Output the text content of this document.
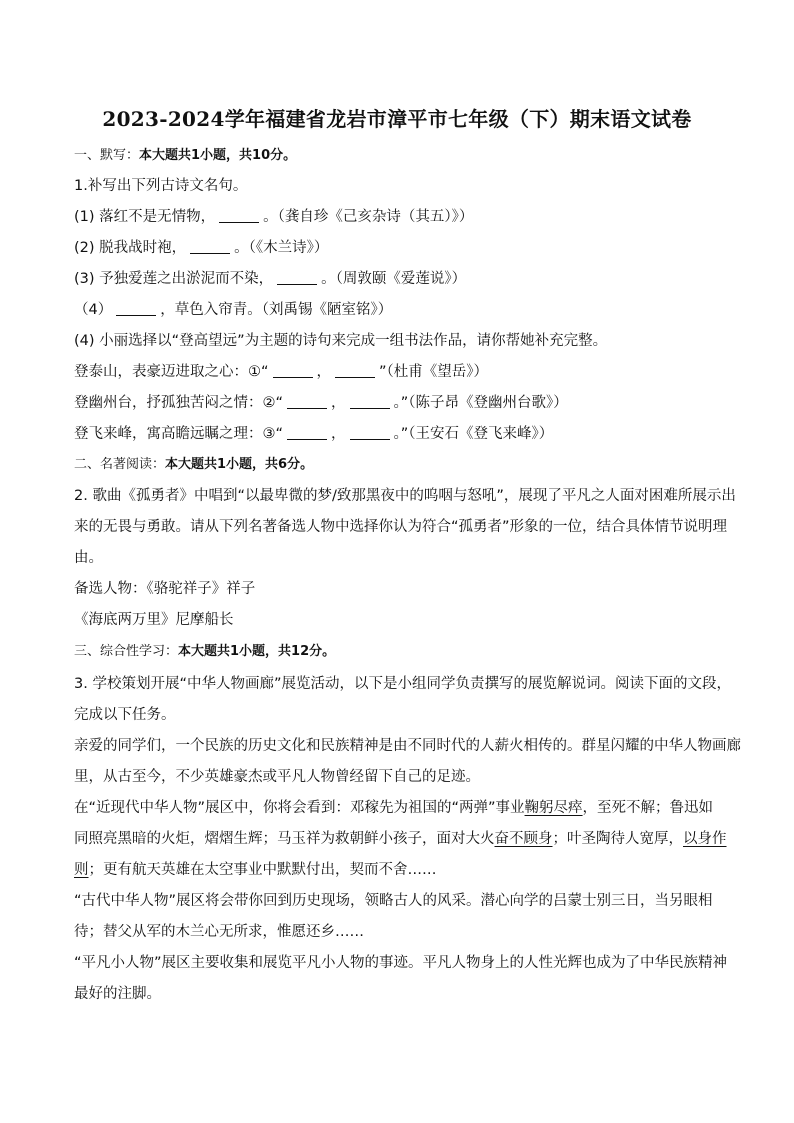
2023-2024学年福建省龙岩市漳平市七年级（下）期末语文试卷
一、默写：本大题共1小题，共10分。
1.补写出下列古诗文名句。
(1) 落红不是无情物，	。（龚自珍《己亥杂诗（其五）》）
(2) 脱我战时袍，	。（《木兰诗》）
(3) 予独爱莲之出淤泥而不染，	。（周敦颐《爱莲说》）
（4）	，草色入帘青。（刘禹锡《陋室铭》）
(4) 小丽选择以“登高望远”为主题的诗句来完成一组书法作品，请你帮她补充完整。
登泰山，表豪迈进取之心：①“	，	”（杜甫《望岳》）
登幽州台，抒孤独苦闷之情：②“	，	。”（陈子昂《登幽州台歌》）
登飞来峰，寓高瞻远瞩之理：③“	，	。”（王安石《登飞来峰》）
二、名著阅读：本大题共1小题，共6分。
2. 歌曲《孤勇者》中唱到“以最卑微的梦/致那黑夜中的呜咽与怒吼”，展现了平凡之人面对困难所展示出
来的无畏与勇敢。请从下列名著备选人物中选择你认为符合“孤勇者”形象的一位，结合具体情节说明理
由。
备选人物：《骆驼祥子》祥子
《海底两万里》尼摩船长
三、综合性学习：本大题共1小题，共12分。
3. 学校策划开展“中华人物画廊”展览活动，以下是小组同学负责撰写的展览解说词。阅读下面的文段，
完成以下任务。
亲爱的同学们，一个民族的历史文化和民族精神是由不同时代的人薪火相传的。群星闪耀的中华人物画廊
里，从古至今，不少英雄豪杰或平凡人物曾经留下自己的足迹。
在“近现代中华人物”展区中，你将会看到：邓稼先为祖国的“两弹”事业鞠躬尽瘁，至死不解；鲁迅如
同照亮黑暗的火炬，熠熠生辉；马玉祥为救朝鲜小孩子，面对大火奋不顾身；叶圣陶待人宽厚，以身作
则；更有航天英雄在太空事业中默默付出，契而不舍……
“古代中华人物”展区将会带你回到历史现场，领略古人的风采。潜心向学的吕蒙士别三日，当另眼相
待；替父从军的木兰心无所求，惟愿还乡……
“平凡小人物”展区主要收集和展览平凡小人物的事迹。平凡人物身上的人性光辉也成为了中华民族精神
最好的注脚。
